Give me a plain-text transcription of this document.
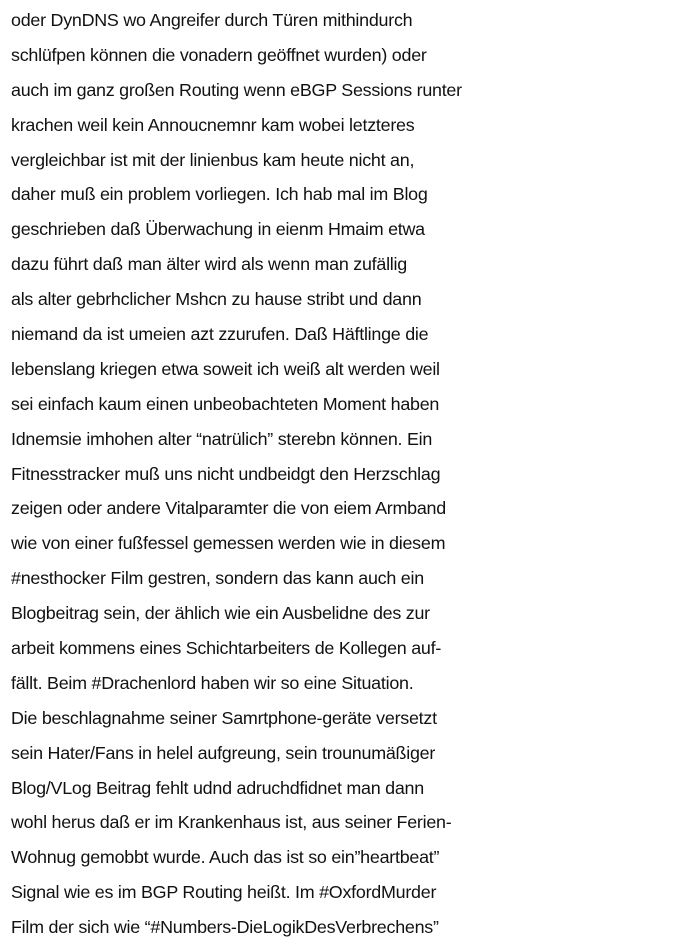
oder DynDNS wo Angreifer durch Türen mithindurch
schlüfpen können die vonadern geöffnet wurden) oder
auch im ganz großen Routing wenn eBGP Sessions runter
krachen weil kein Annoucnemnr kam wobei letzteres
vergleichbar ist mit der linienbus kam heute nicht an,
daher muß ein problem vorliegen. Ich hab mal im Blog
geschrieben daß Überwachung in eienm Hmaim etwa
dazu führt daß man älter wird als wenn man zufällig
als alter gebrhclicher Mshcn zu hause stribt und dann
niemand da ist umeien azt zzurufen. Daß Häftlinge die
lebenslang kriegen etwa soweit ich weiß alt werden weil
sei einfach kaum einen unbeobachteten Moment haben
Idnemsie imhohen alter “natrülich” sterebn können. Ein
Fitnesstracker muß uns nicht undbeidgt den Herzschlag
zeigen oder andere Vitalparamter die von eiem Armband
wie von einer fußfessel gemessen werden wie in diesem
#nesthocker Film gestren, sondern das kann auch ein
Blogbeitrag sein, der ählich wie ein Ausbelidne des zur
arbeit kommens eines Schichtarbeiters de Kollegen auf-
fällt. Beim #Drachenlord haben wir so eine Situation.
Die beschlagnahme seiner Samrtphone-geräte versetzt
sein Hater/Fans in helel aufgreung, sein trounumäßiger
Blog/VLog Beitrag fehlt udnd adruchdfidnet man dann
wohl herus daß er im Krankenhaus ist, aus seiner Ferien-
Wohnug gemobbt wurde. Auch das ist so ein”heartbeat”
Signal wie es im BGP Routing heißt. Im #OxfordMurder
Film der sich wie “#Numbers-DieLogikDesVerbrechens”
